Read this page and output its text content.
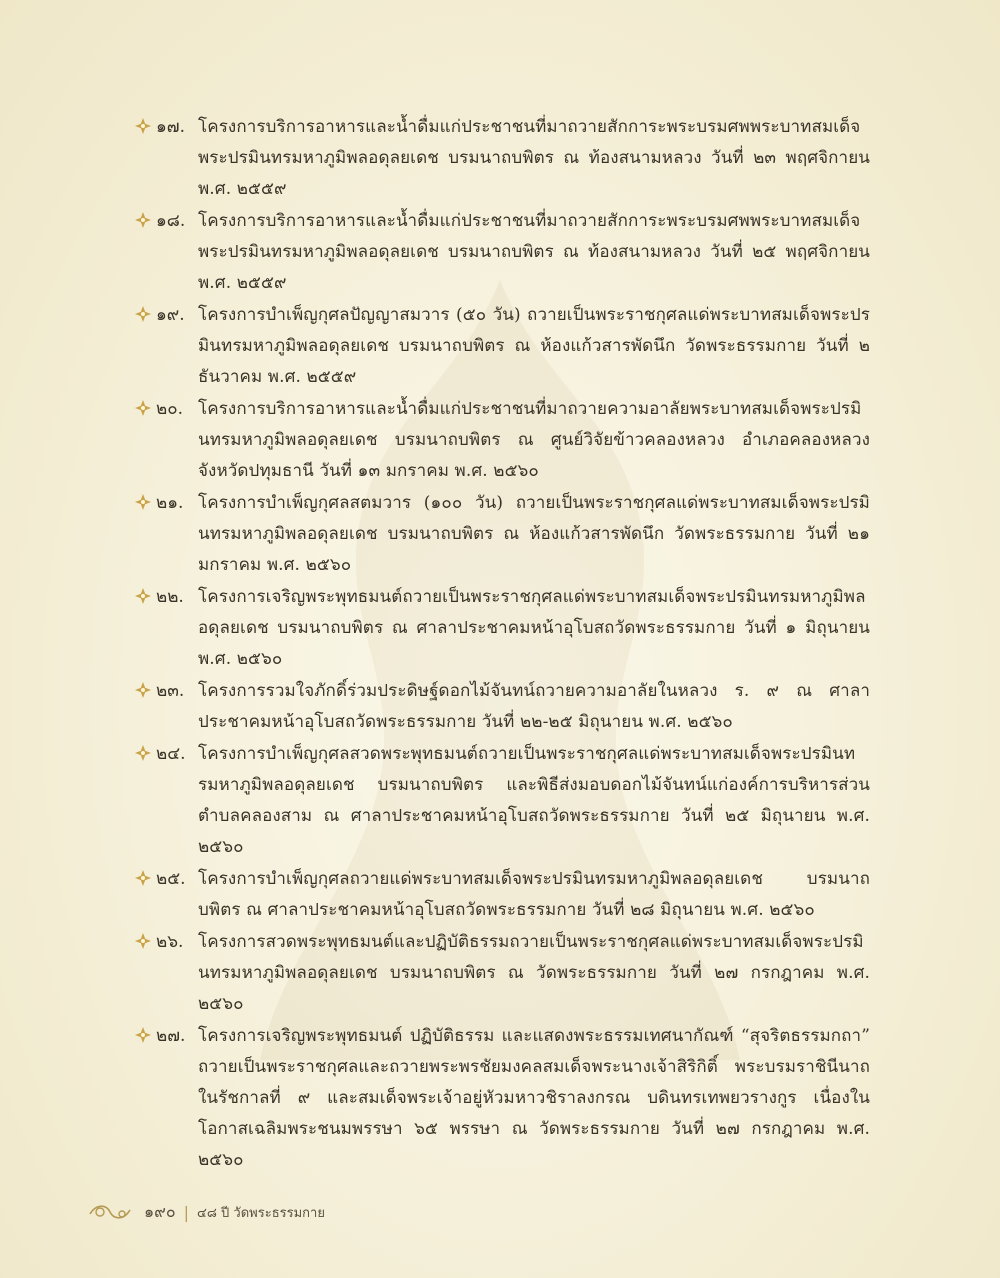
๑๗. โครงการบริการอาหารและน้ำดื่มแก่ประชาชนที่มาถวายสักการะพระบรมศพพระบาทสมเด็จพระปรมินทรมหาภูมิพลอดุลยเดช บรมนาถบพิตร ณ ท้องสนามหลวง วันที่ ๒๓ พฤศจิกายน พ.ศ. ๒๕๕๙
๑๘. โครงการบริการอาหารและน้ำดื่มแก่ประชาชนที่มาถวายสักการะพระบรมศพพระบาทสมเด็จพระปรมินทรมหาภูมิพลอดุลยเดช บรมนาถบพิตร ณ ท้องสนามหลวง วันที่ ๒๕ พฤศจิกายน พ.ศ. ๒๕๕๙
๑๙. โครงการบำเพ็ญกุศลปัญญาสมวาร (๕๐ วัน) ถวายเป็นพระราชกุศลแด่พระบาทสมเด็จพระปรมินทรมหาภูมิพลอดุลยเดช บรมนาถบพิตร ณ ห้องแก้วสารพัดนึก วัดพระธรรมกาย วันที่ ๒ ธันวาคม พ.ศ. ๒๕๕๙
๒๐. โครงการบริการอาหารและน้ำดื่มแก่ประชาชนที่มาถวายความอาลัยพระบาทสมเด็จพระปรมินทรมหาภูมิพลอดุลยเดช บรมนาถบพิตร ณ ศูนย์วิจัยข้าวคลองหลวง อำเภอคลองหลวง จังหวัดปทุมธานี วันที่ ๑๓ มกราคม พ.ศ. ๒๕๖๐
๒๑. โครงการบำเพ็ญกุศลสตมวาร (๑๐๐ วัน) ถวายเป็นพระราชกุศลแด่พระบาทสมเด็จพระปรมินทรมหาภูมิพลอดุลยเดช บรมนาถบพิตร ณ ห้องแก้วสารพัดนึก วัดพระธรรมกาย วันที่ ๒๑ มกราคม พ.ศ. ๒๕๖๐
๒๒. โครงการเจริญพระพุทธมนต์ถวายเป็นพระราชกุศลแด่พระบาทสมเด็จพระปรมินทรมหาภูมิพลอดุลยเดช บรมนาถบพิตร ณ ศาลาประชาคมหน้าอุโบสถวัดพระธรรมกาย วันที่ ๑ มิถุนายน พ.ศ. ๒๕๖๐
๒๓. โครงการรวมใจภักดิ์ร่วมประดิษฐ์ดอกไม้จันทน์ถวายความอาลัยในหลวง ร. ๙ ณ ศาลาประชาคมหน้าอุโบสถวัดพระธรรมกาย วันที่ ๒๒-๒๕ มิถุนายน พ.ศ. ๒๕๖๐
๒๔. โครงการบำเพ็ญกุศลสวดพระพุทธมนต์ถวายเป็นพระราชกุศลแด่พระบาทสมเด็จพระปรมินทรมหาภูมิพลอดุลยเดช บรมนาถบพิตร และพิธีส่งมอบดอกไม้จันทน์แก่องค์การบริหารส่วนตำบลคลองสาม ณ ศาลาประชาคมหน้าอุโบสถวัดพระธรรมกาย วันที่ ๒๕ มิถุนายน พ.ศ. ๒๕๖๐
๒๕. โครงการบำเพ็ญกุศลถวายแด่พระบาทสมเด็จพระปรมินทรมหาภูมิพลอดุลยเดช บรมนาถบพิตร ณ ศาลาประชาคมหน้าอุโบสถวัดพระธรรมกาย วันที่ ๒๘ มิถุนายน พ.ศ. ๒๕๖๐
๒๖. โครงการสวดพระพุทธมนต์และปฏิบัติธรรมถวายเป็นพระราชกุศลแด่พระบาทสมเด็จพระปรมินทรมหาภูมิพลอดุลยเดช บรมนาถบพิตร ณ วัดพระธรรมกาย วันที่ ๒๗ กรกฎาคม พ.ศ. ๒๕๖๐
๒๗. โครงการเจริญพระพุทธมนต์ ปฏิบัติธรรม และแสดงพระธรรมเทศนากัณฑ์ “สุจริตธรรมกถา” ถวายเป็นพระราชกุศลและถวายพระพรชัยมงคลสมเด็จพระนางเจ้าสิริกิติ์ พระบรมราชินีนาถ ในรัชกาลที่ ๙ และสมเด็จพระเจ้าอยู่หัวมหาวชิราลงกรณ บดินทรเทพยวรางกูร เนื่องในโอกาสเฉลิมพระชนมพรรษา ๖๕ พรรษา ณ วัดพระธรรมกาย วันที่ ๒๗ กรกฎาคม พ.ศ. ๒๕๖๐
๑๙๐ | ๔๘ ปี วัดพระธรรมกาย
